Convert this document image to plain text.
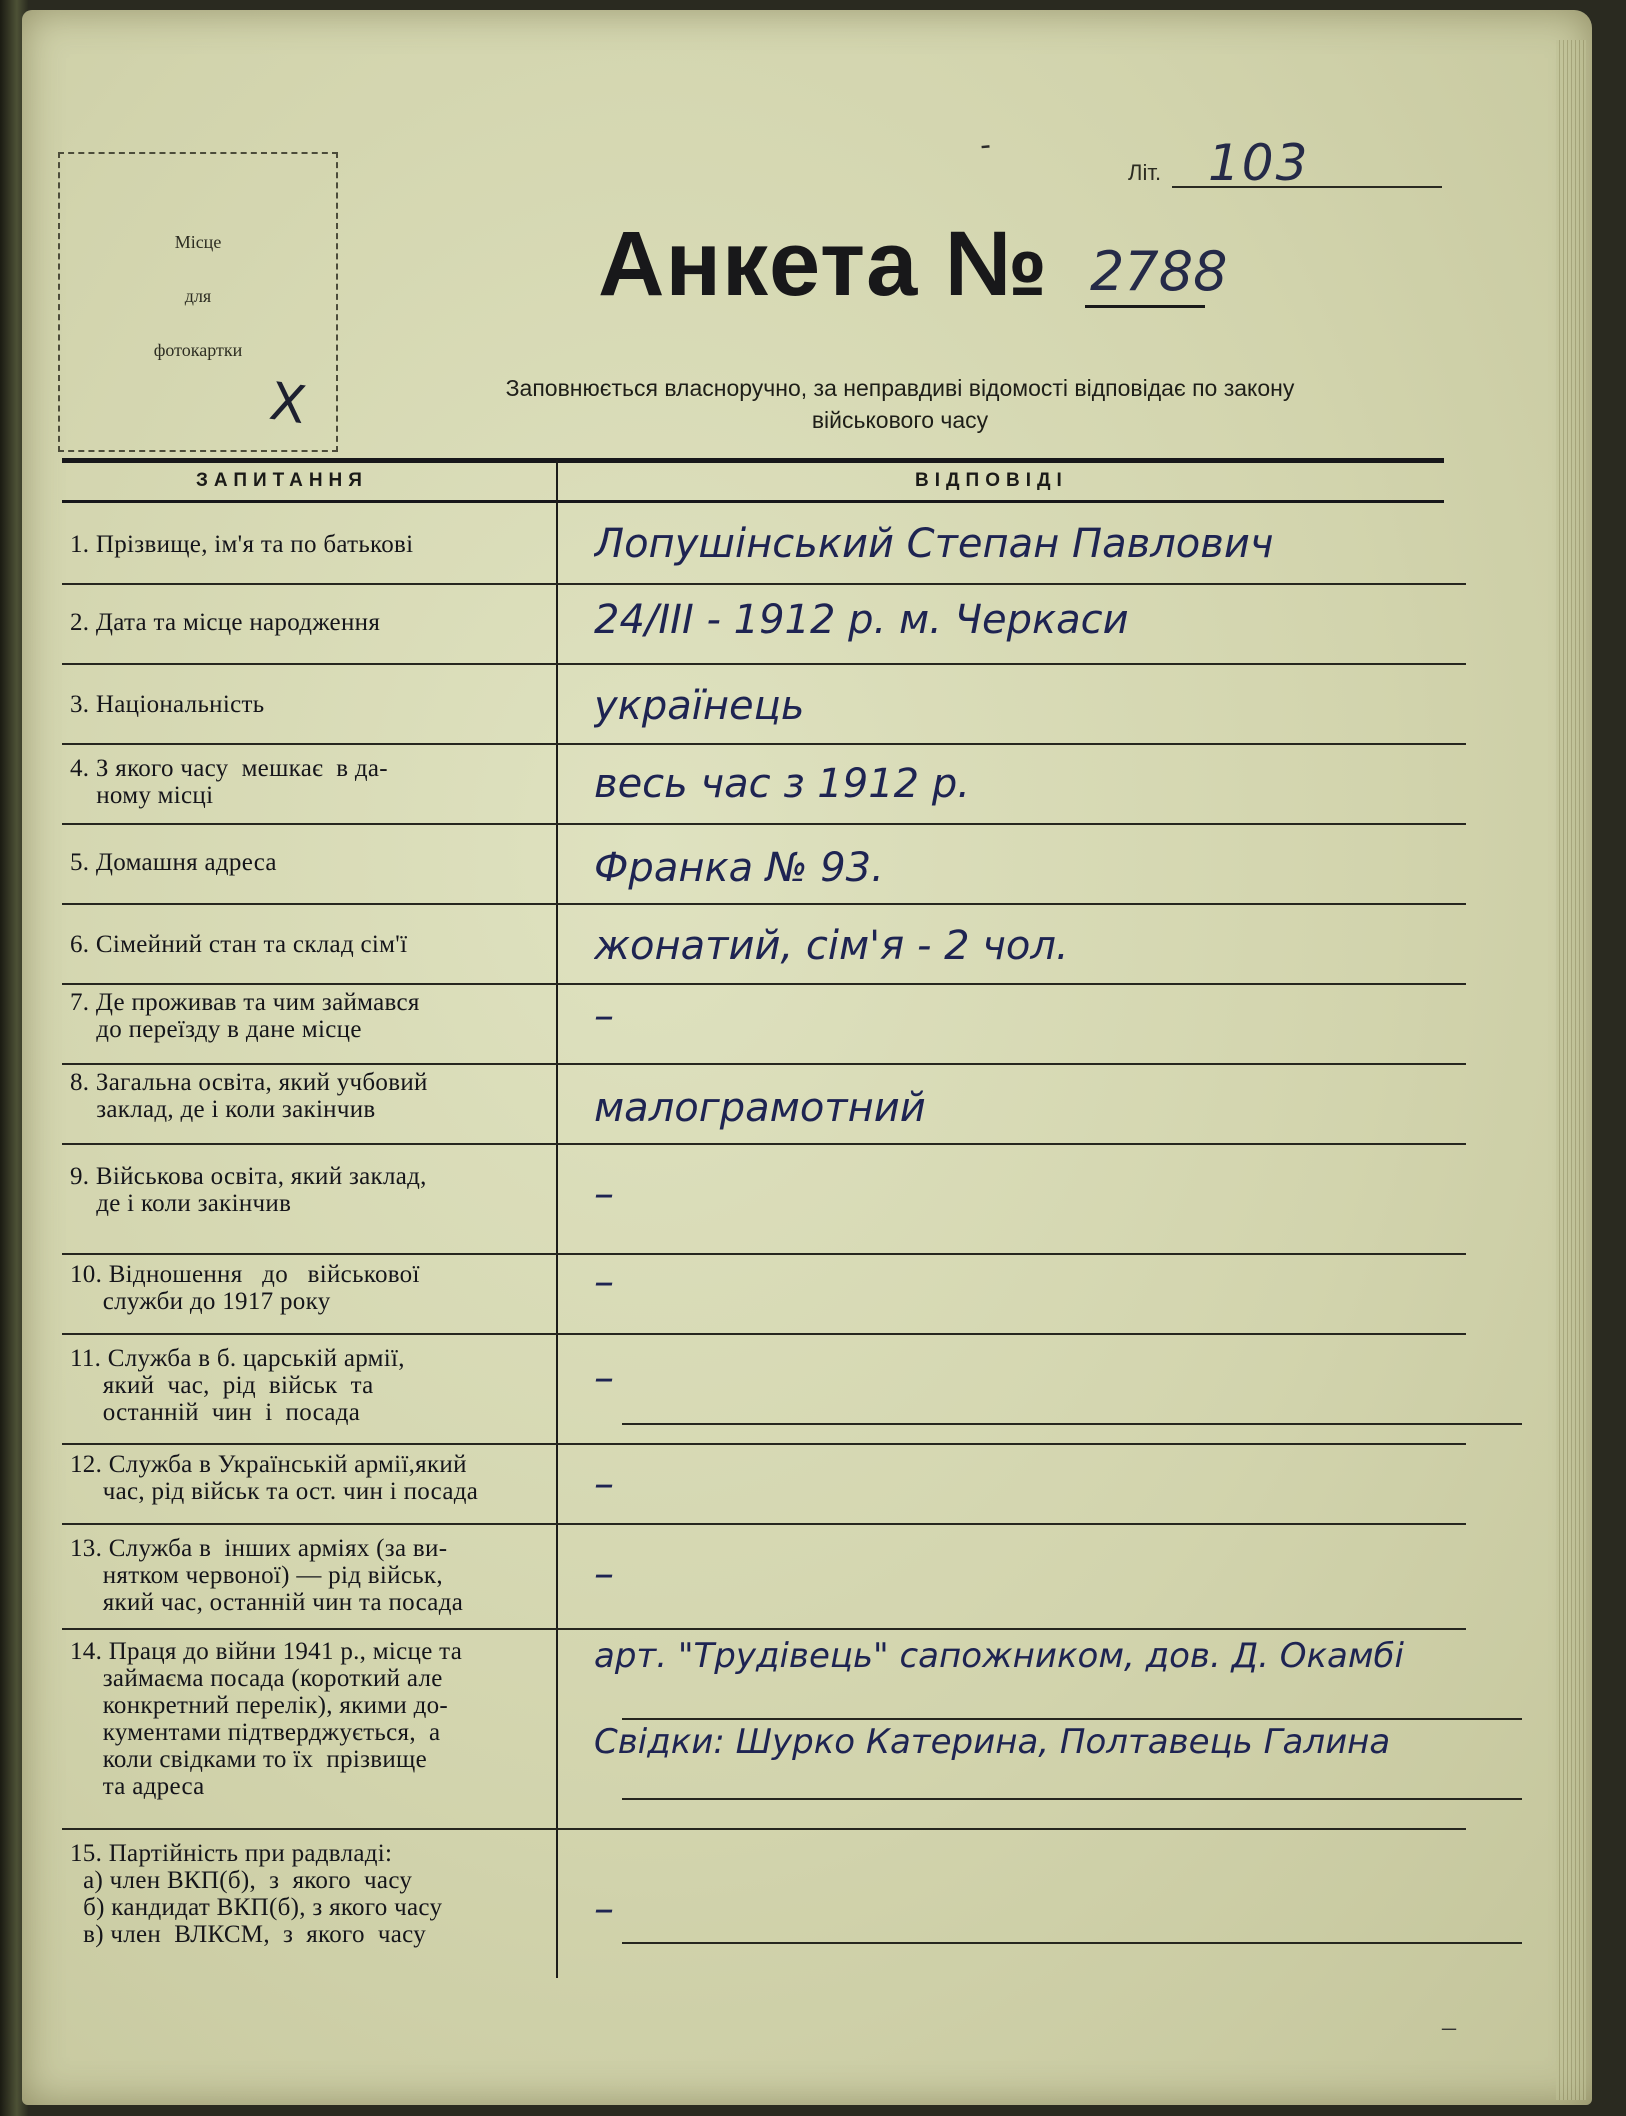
Місце
для
фотокартки
Х
-
Літ. 103
Анкета № 2788
Заповнюється власноручно, за неправдиві відомості відповідає по закону
військового часу
ЗАПИТАННЯ	ВІДПОВІДІ
1. Прізвище, ім'я та по батькові	Лопушінський Степан Павлович
2. Дата та місце народження	24/III - 1912 р. м. Черкаси
3. Національність	українець
4. З якого часу  мешкає  в да-
ному місці	весь час з 1912 р.
5. Домашня адреса	Франка № 93.
6. Сімейний стан та склад сім'ї	жонатий, сім'я - 2 чол.
7. Де проживав та чим займався
до переїзду в дане місце	–
8. Загальна освіта, який учбовий
заклад, де і коли закінчив	малограмотний
9. Військова освіта, який заклад,
де і коли закінчив	–
10. Відношення   до   військової
служби до 1917 року	–
11. Служба в б. царській армії,
який  час,  рід  військ  та
останній  чин  і  посада
–
12. Служба в Українській армії,який
час, рід військ та ост. чин і посада	–
13. Служба в  інших арміях (за ви-
нятком червоної) — рід військ,
який час, останній чин та посада
–
14. Праця до війни 1941 р., місце та
займаєма посада (короткий але
конкретний перелік), якими до-
кументами підтверджується,  а
коли свідками то їх  прізвище
та адреса
арт. "Трудівець" сапожником, дов. Д. Окамбі
Свідки: Шурко Катерина, Полтавець Галина
15. Партійність при радвладі:
а) член ВКП(б),  з  якого  часу
б) кандидат ВКП(б), з якого часу
в) член  ВЛКСМ,  з  якого  часу
–
–
